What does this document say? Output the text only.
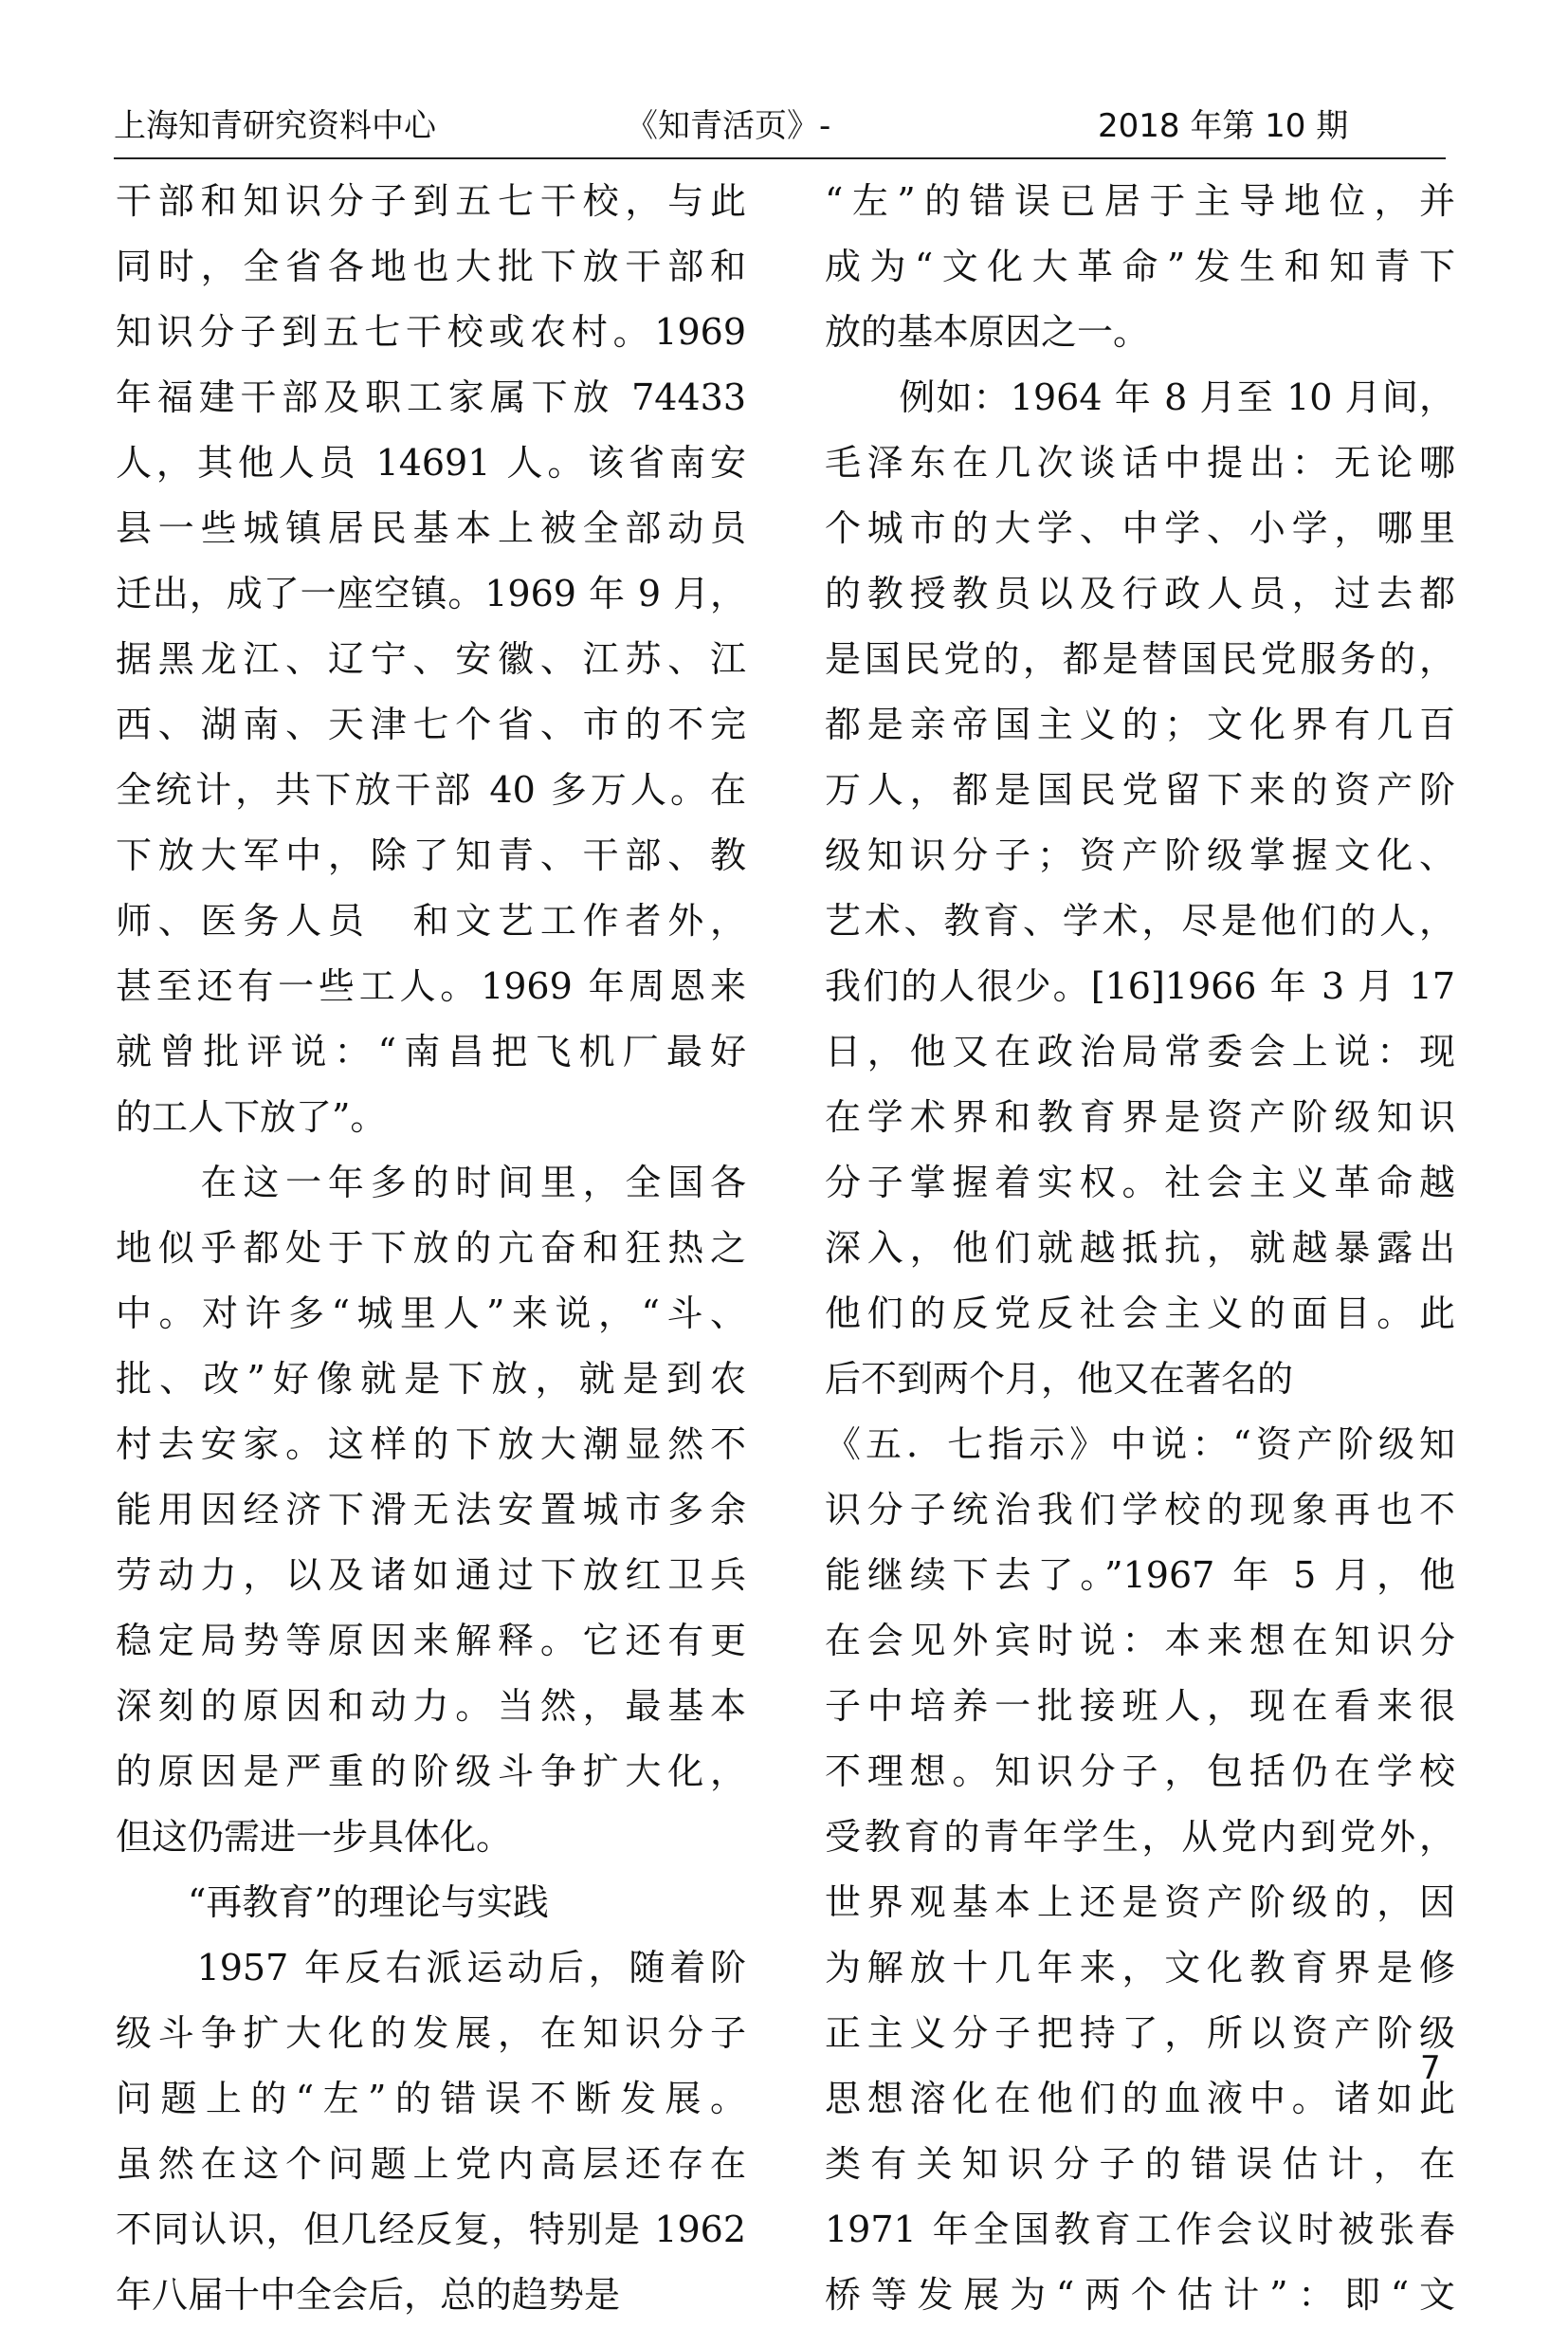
上海知青研究资料中心	《知青活页》-	2018 年第 10 期
干部和知识分子到五七干校，与此
同时，全省各地也大批下放干部和
知识分子到五七干校或农村。1969
年福建干部及职工家属下放 74433
人，其他人员 14691 人。该省南安
县一些城镇居民基本上被全部动员
迁出，成了一座空镇。1969 年 9 月，
据黑龙江、辽宁、安徽、江苏、江
西、湖南、天津七个省、市的不完
全统计，共下放干部 40 多万人。在
下放大军中，除了知青、干部、教
师、医务人员　和文艺工作者外，
甚至还有一些工人。1969 年周恩来
就曾批评说：“南昌把飞机厂最好
的工人下放了”。
　　在这一年多的时间里，全国各
地似乎都处于下放的亢奋和狂热之
中。对许多“城里人”来说，“斗、
批、改”好像就是下放，就是到农
村去安家。这样的下放大潮显然不
能用因经济下滑无法安置城市多余
劳动力，以及诸如通过下放红卫兵
稳定局势等原因来解释。它还有更
深刻的原因和动力。当然，最基本
的原因是严重的阶级斗争扩大化，
但这仍需进一步具体化。
　　“再教育”的理论与实践
　　1957 年反右派运动后，随着阶
级斗争扩大化的发展，在知识分子
问题上的“左”的错误不断发展。
虽然在这个问题上党内高层还存在
不同认识，但几经反复，特别是 1962
年八届十中全会后，总的趋势是
“左”的错误已居于主导地位，并
成为“文化大革命”发生和知青下
放的基本原因之一。
　　例如：1964 年 8 月至 10 月间，
毛泽东在几次谈话中提出：无论哪
个城市的大学、中学、小学，哪里
的教授教员以及行政人员，过去都
是国民党的，都是替国民党服务的，
都是亲帝国主义的；文化界有几百
万人，都是国民党留下来的资产阶
级知识分子；资产阶级掌握文化、
艺术、教育、学术，尽是他们的人，
我们的人很少。[16]1966 年 3 月 17
日，他又在政治局常委会上说：现
在学术界和教育界是资产阶级知识
分子掌握着实权。社会主义革命越
深入，他们就越抵抗，就越暴露出
他们的反党反社会主义的面目。此
后不到两个月，他又在著名的
《五．七指示》中说：“资产阶级知
识分子统治我们学校的现象再也不
能继续下去了。”1967 年 5 月，他
在会见外宾时说：本来想在知识分
子中培养一批接班人，现在看来很
不理想。知识分子，包括仍在学校
受教育的青年学生，从党内到党外，
世界观基本上还是资产阶级的，因
为解放十几年来，文化教育界是修
正主义分子把持了，所以资产阶级
思想溶化在他们的血液中。诸如此
类有关知识分子的错误估计，在
1971 年全国教育工作会议时被张春
桥等发展为“两个估计”：即“文
7
